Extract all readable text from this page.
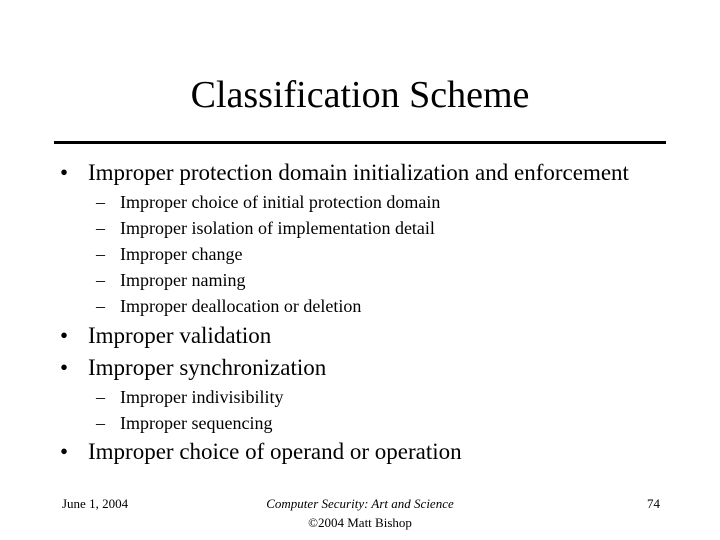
Classification Scheme
• Improper protection domain initialization and enforcement
– Improper choice of initial protection domain
– Improper isolation of implementation detail
– Improper change
– Improper naming
– Improper deallocation or deletion
• Improper validation
• Improper synchronization
– Improper indivisibility
– Improper sequencing
• Improper choice of operand or operation
June 1, 2004	Computer Security: Art and Science
©2004 Matt Bishop
74
